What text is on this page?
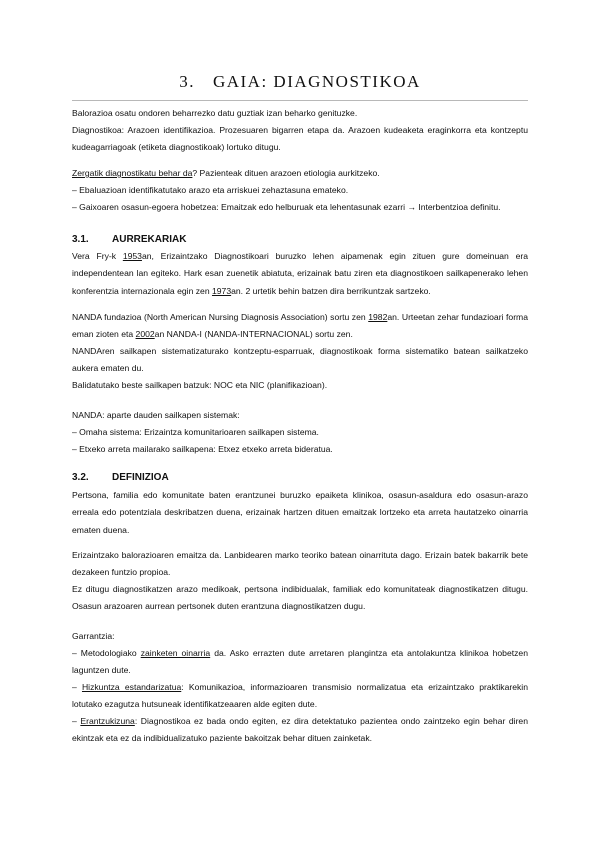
3. GAIA: DIAGNOSTIKOA

Balorazioa osatu ondoren beharrezko datu guztiak izan beharko genituzke.

Diagnostikoa: Arazoen identifikazioa. Prozesuaren bigarren etapa da. Arazoen kudeaketa eraginkorra eta kontzeptu kudeagarriagoak (etiketa diagnostikoak) lortuko ditugu.

Zergatik diagnostikatu behar da? Pazienteak dituen arazoen etiologia aurkitzeko.

– Ebaluazioan identifikatutako arazo eta arriskuei zehaztasuna emateko.

– Gaixoaren osasun-egoera hobetzea: Emaitzak edo helburuak eta lehentasunak ezarri → Interbentzioa definitu.

3.1. AURREKARIAK

Vera Fry-k 1953an, Erizaintzako Diagnostikoari buruzko lehen aipamenak egin zituen gure domeinuan era independentean lan egiteko. Hark esan zuenetik abiatuta, erizainak batu ziren eta diagnostikoen sailkapenerako lehen konferentzia internazionala egin zen 1973an. 2 urtetik behin batzen dira berrikuntzak sartzeko.

NANDA fundazioa (North American Nursing Diagnosis Association) sortu zen 1982an. Urteetan zehar fundazioari forma eman zioten eta 2002an NANDA-I (NANDA-INTERNACIONAL) sortu zen.

NANDAren sailkapen sistematizaturako kontzeptu-esparruak, diagnostikoak forma sistematiko batean sailkatzeko aukera ematen du.

Balidatutako beste sailkapen batzuk: NOC eta NIC (planifikazioan).

NANDA: aparte dauden sailkapen sistemak:

– Omaha sistema: Erizaintza komunitarioaren sailkapen sistema.

– Etxeko arreta mailarako sailkapena: Etxez etxeko arreta bideratua.

3.2. DEFINIZIOA

Pertsona, familia edo komunitate baten erantzunei buruzko epaiketa klinikoa, osasun-asaldura edo osasun-arazo erreala edo potentziala deskribatzen duena, erizainak hartzen dituen emaitzak lortzeko eta arreta hautatzeko oinarria ematen duena.

Erizaintzako balorazioaren emaitza da. Lanbidearen marko teoriko batean oinarrituta dago. Erizain batek bakarrik bete dezakeen funtzio propioa.

Ez ditugu diagnostikatzen arazo medikoak, pertsona indibidualak, familiak edo komunitateak diagnostikatzen ditugu. Osasun arazoaren aurrean pertsonek duten erantzuna diagnostikatzen dugu.

Garrantzia:

– Metodologiako zainketen oinarria da. Asko errazten dute arretaren plangintza eta antolakuntza klinikoa hobetzen laguntzen dute.

– Hizkuntza estandarizatua: Komunikazioa, informazioaren transmisio normalizatua eta erizaintzako praktikarekin lotutako ezagutza hutsuneak identifikatzeaaren alde egiten dute.

– Erantzukizuna: Diagnostikoa ez bada ondo egiten, ez dira detektatuko pazientea ondo zaintzeko egin behar diren ekintzak eta ez da indibidualizatuko paziente bakoitzak behar dituen zainketak.
